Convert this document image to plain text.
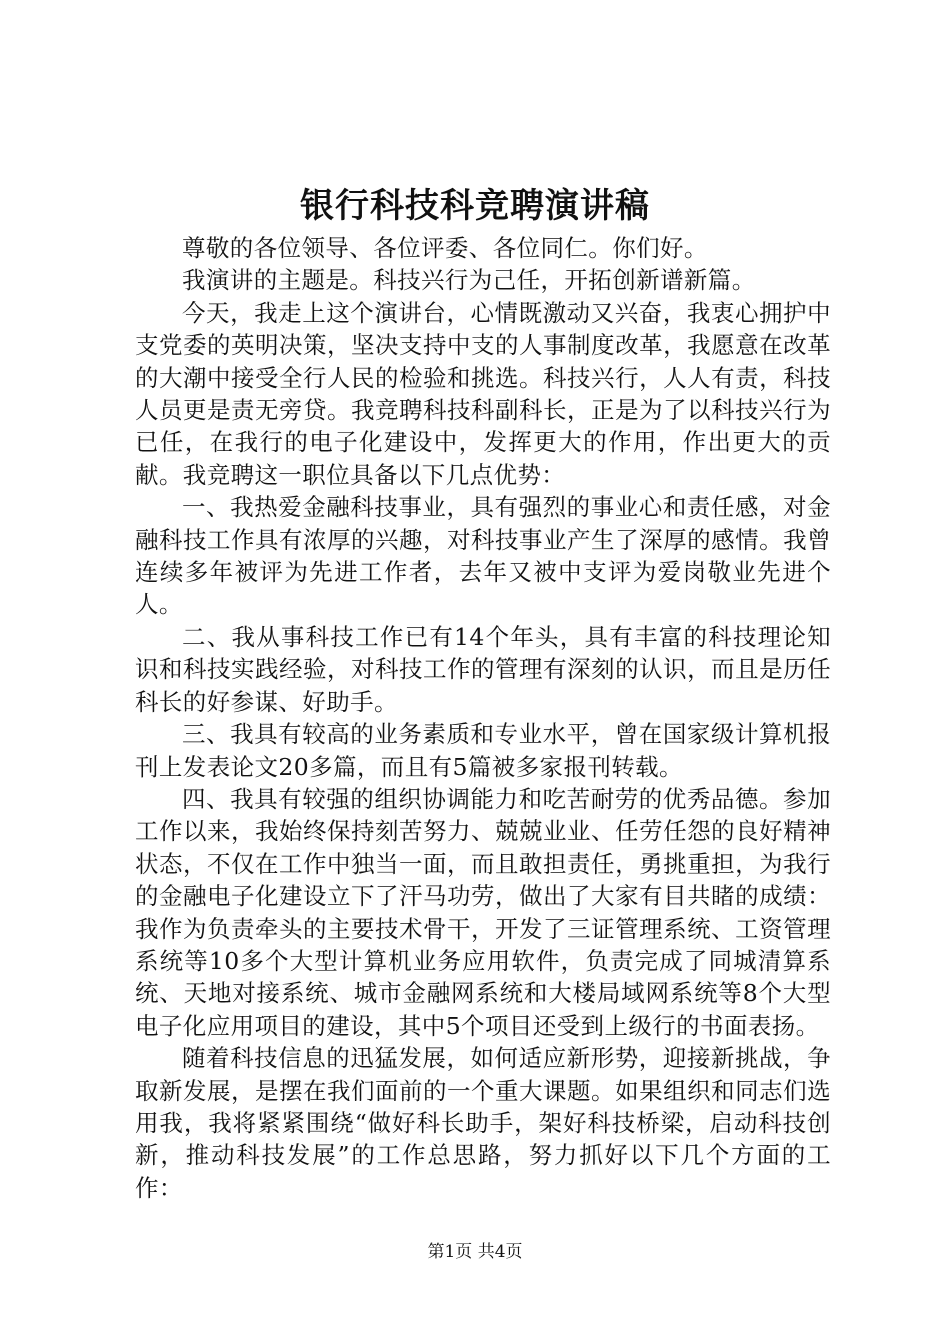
银行科技科竞聘演讲稿

尊敬的各位领导、各位评委、各位同仁。你们好。

我演讲的主题是。科技兴行为己任，开拓创新谱新篇。

今天，我走上这个演讲台，心情既激动又兴奋，我衷心拥护中支党委的英明决策，坚决支持中支的人事制度改革，我愿意在改革的大潮中接受全行人民的检验和挑选。科技兴行，人人有责，科技人员更是责无旁贷。我竞聘科技科副科长，正是为了以科技兴行为已任，在我行的电子化建设中，发挥更大的作用，作出更大的贡献。我竞聘这一职位具备以下几点优势：

一、我热爱金融科技事业，具有强烈的事业心和责任感，对金融科技工作具有浓厚的兴趣，对科技事业产生了深厚的感情。我曾连续多年被评为先进工作者，去年又被中支评为爱岗敬业先进个人。

二、我从事科技工作已有14个年头，具有丰富的科技理论知识和科技实践经验，对科技工作的管理有深刻的认识，而且是历任科长的好参谋、好助手。

三、我具有较高的业务素质和专业水平，曾在国家级计算机报刊上发表论文20多篇，而且有5篇被多家报刊转载。

四、我具有较强的组织协调能力和吃苦耐劳的优秀品德。参加工作以来，我始终保持刻苦努力、兢兢业业、任劳任怨的良好精神状态，不仅在工作中独当一面，而且敢担责任，勇挑重担，为我行的金融电子化建设立下了汗马功劳，做出了大家有目共睹的成绩：我作为负责牵头的主要技术骨干，开发了三证管理系统、工资管理系统等10多个大型计算机业务应用软件，负责完成了同城清算系统、天地对接系统、城市金融网系统和大楼局域网系统等8个大型电子化应用项目的建设，其中5个项目还受到上级行的书面表扬。

随着科技信息的迅猛发展，如何适应新形势，迎接新挑战，争取新发展，是摆在我们面前的一个重大课题。如果组织和同志们选用我，我将紧紧围绕“做好科长助手，架好科技桥梁，启动科技创新，推动科技发展”的工作总思路，努力抓好以下几个方面的工作：

第1页 共4页
